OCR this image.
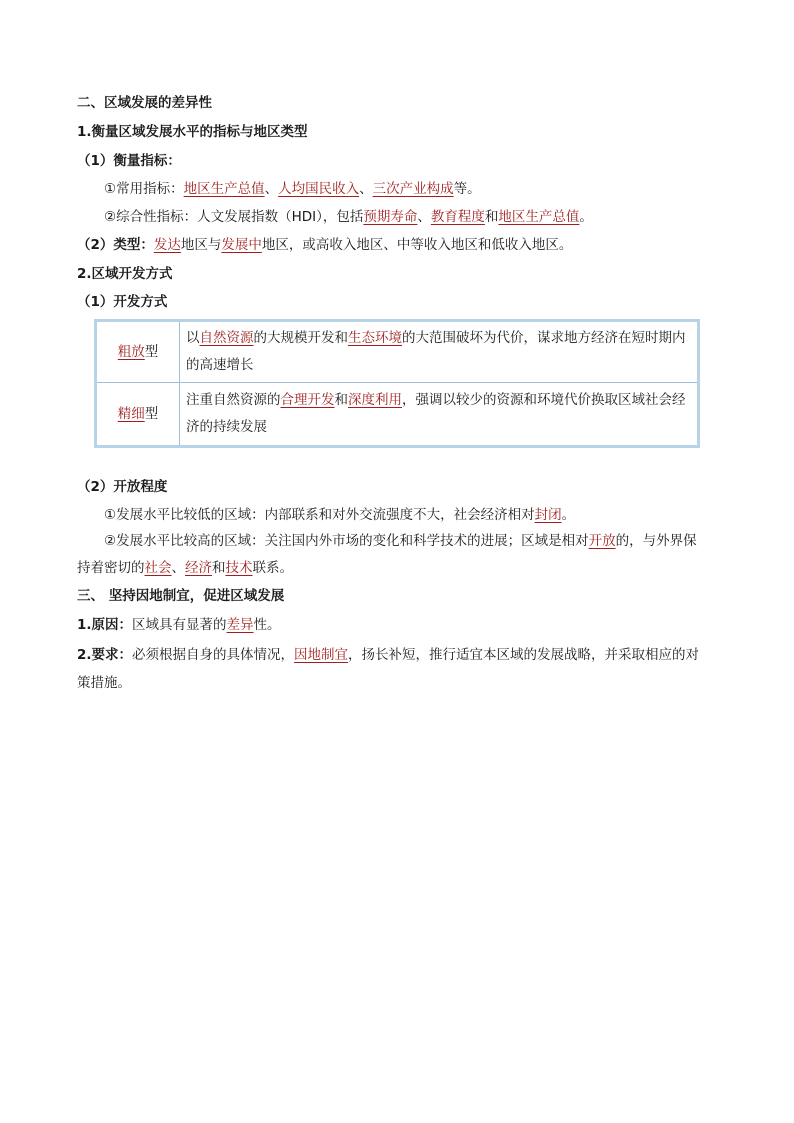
二、区域发展的差异性
1.衡量区域发展水平的指标与地区类型
（1）衡量指标：
①常用指标：地区生产总值、人均国民收入、三次产业构成等。
②综合性指标：人文发展指数（HDI），包括预期寿命、教育程度和地区生产总值。
（2）类型：发达地区与发展中地区，或高收入地区、中等收入地区和低收入地区。
2.区域开发方式
（1）开发方式
粗放型	以自然资源的大规模开发和生态环境的大范围破坏为代价，谋求地方经济在短时期内的高速增长
精细型	注重自然资源的合理开发和深度利用，强调以较少的资源和环境代价换取区域社会经济的持续发展
（2）开放程度
①发展水平比较低的区域：内部联系和对外交流强度不大，社会经济相对封闭。
②发展水平比较高的区域：关注国内外市场的变化和科学技术的进展；区域是相对开放的，与外界保
持着密切的社会、经济和技术联系。
三、 坚持因地制宜，促进区域发展
1.原因：区域具有显著的差异性。
2.要求：必须根据自身的具体情况，因地制宜，扬长补短，推行适宜本区域的发展战略，并采取相应的对
策措施。
